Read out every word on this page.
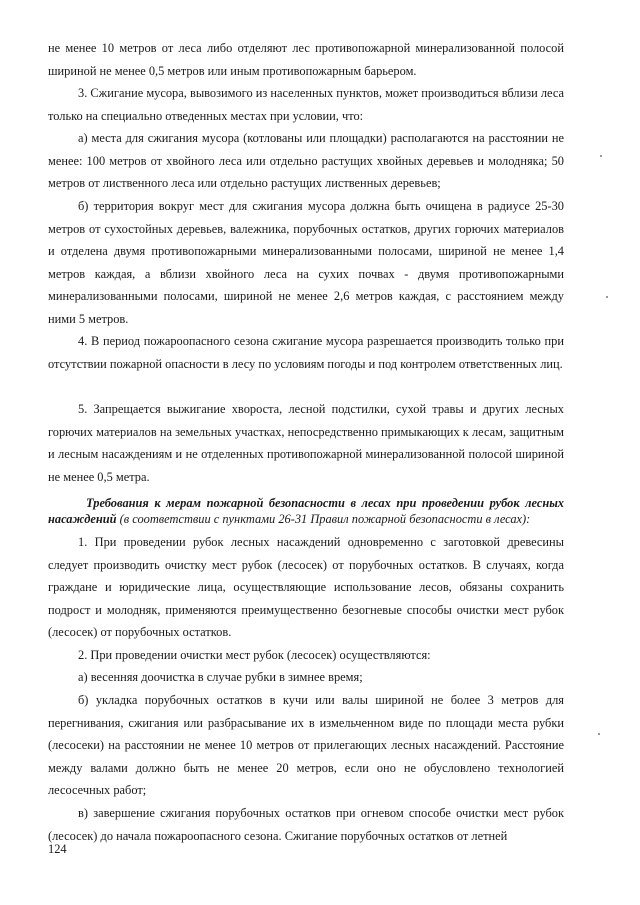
не менее 10 метров от леса либо отделяют лес противопожарной минерализованной полосой шириной не менее 0,5 метров или иным противопожарным барьером.

3. Сжигание мусора, вывозимого из населенных пунктов, может производиться вблизи леса только на специально отведенных местах при условии, что:

а) места для сжигания мусора (котлованы или площадки) располагаются на расстоянии не менее: 100 метров от хвойного леса или отдельно растущих хвойных деревьев и молодняка; 50 метров от лиственного леса или отдельно растущих лиственных деревьев;

б) территория вокруг мест для сжигания мусора должна быть очищена в радиусе 25-30 метров от сухостойных деревьев, валежника, порубочных остатков, других горючих материалов и отделена двумя противопожарными минерализованными полосами, шириной не менее 1,4 метров каждая, а вблизи хвойного леса на сухих почвах - двумя противопожарными минерализованными полосами, шириной не менее 2,6 метров каждая, с расстоянием между ними 5 метров.

4. В период пожароопасного сезона сжигание мусора разрешается производить только при отсутствии пожарной опасности в лесу по условиям погоды и под контролем ответственных лиц.

5. Запрещается выжигание хвороста, лесной подстилки, сухой травы и других лесных горючих материалов на земельных участках, непосредственно примыкающих к лесам, защитным и лесным насаждениям и не отделенных противопожарной минерализованной полосой шириной не менее 0,5 метра.

Требования к мерам пожарной безопасности в лесах при проведении рубок лесных насаждений (в соответствии с пунктами 26-31 Правил пожарной безопасности в лесах):

1. При проведении рубок лесных насаждений одновременно с заготовкой древесины следует производить очистку мест рубок (лесосек) от порубочных остатков. В случаях, когда граждане и юридические лица, осуществляющие использование лесов, обязаны сохранить подрост и молодняк, применяются преимущественно безогневые способы очистки мест рубок (лесосек) от порубочных остатков.

2. При проведении очистки мест рубок (лесосек) осуществляются:

а) весенняя доочистка в случае рубки в зимнее время;

б) укладка порубочных остатков в кучи или валы шириной не более 3 метров для перегнивания, сжигания или разбрасывание их в измельченном виде по площади места рубки (лесосеки) на расстоянии не менее 10 метров от прилегающих лесных насаждений. Расстояние между валами должно быть не менее 20 метров, если оно не обусловлено технологией лесосечных работ;

в) завершение сжигания порубочных остатков при огневом способе очистки мест рубок (лесосек) до начала пожароопасного сезона. Сжигание порубочных остатков от летней

124
